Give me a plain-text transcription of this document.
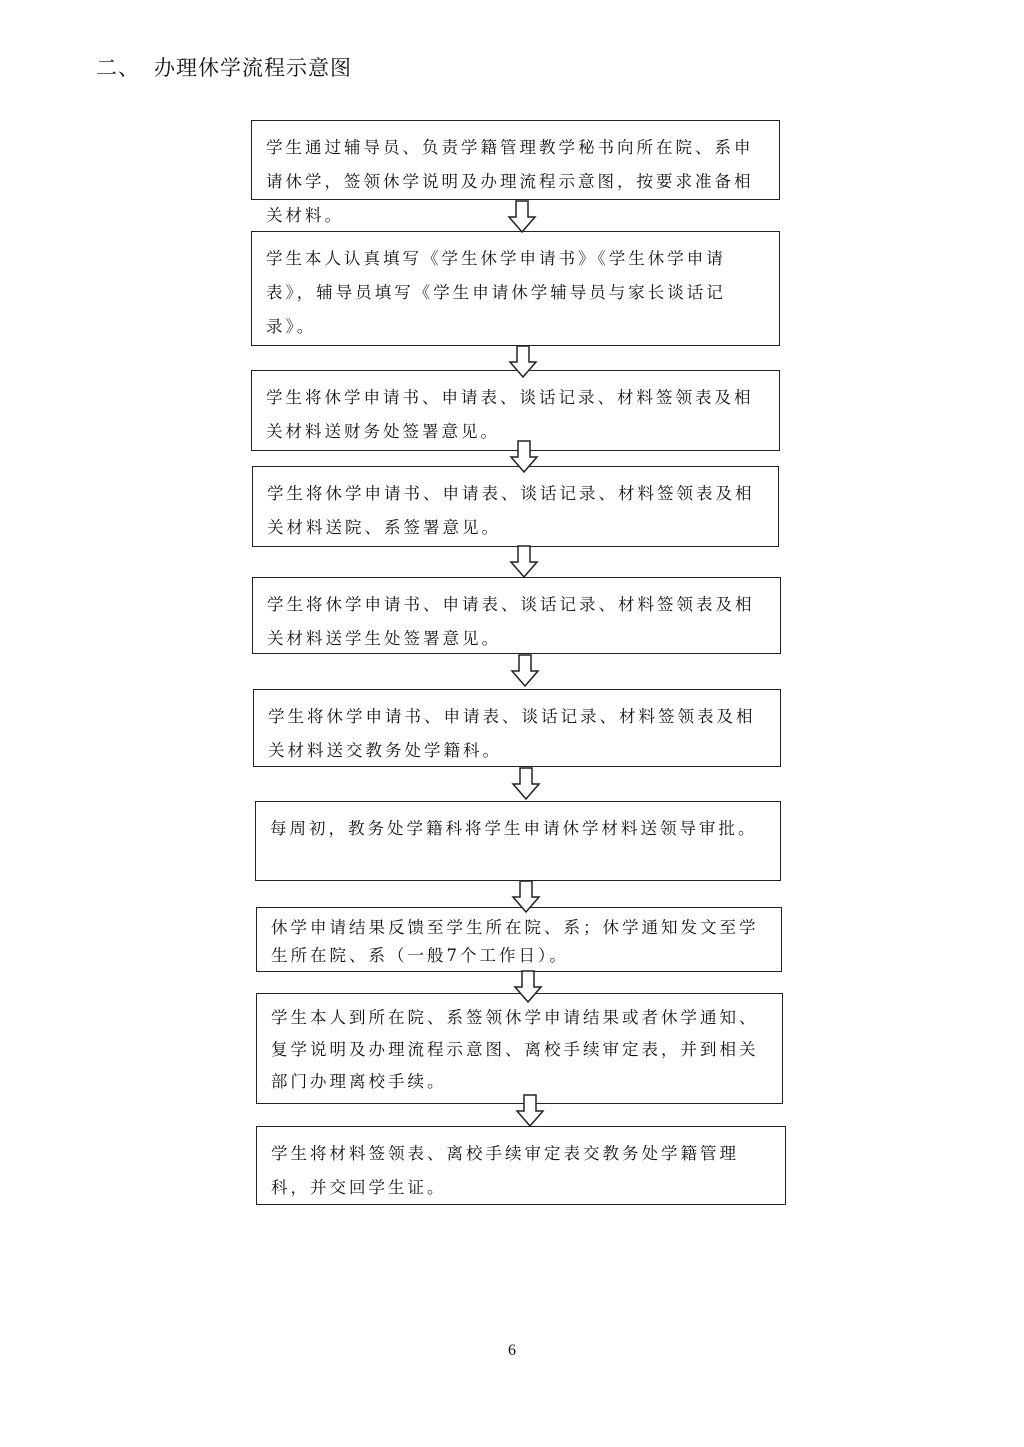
二、 办理休学流程示意图
学生通过辅导员、负责学籍管理教学秘书向所在院、系申请休学，签领休学说明及办理流程示意图，按要求准备相关材料。
学生本人认真填写《学生休学申请书》《学生休学申请表》，辅导员填写《学生申请休学辅导员与家长谈话记录》。
学生将休学申请书、申请表、谈话记录、材料签领表及相关材料送财务处签署意见。
学生将休学申请书、申请表、谈话记录、材料签领表及相关材料送院、系签署意见。
学生将休学申请书、申请表、谈话记录、材料签领表及相关材料送学生处签署意见。
学生将休学申请书、申请表、谈话记录、材料签领表及相关材料送交教务处学籍科。
每周初，教务处学籍科将学生申请休学材料送领导审批。
休学申请结果反馈至学生所在院、系；休学通知发文至学生所在院、系（一般7个工作日）。
学生本人到所在院、系签领休学申请结果或者休学通知、复学说明及办理流程示意图、离校手续审定表，并到相关部门办理离校手续。
学生将材料签领表、离校手续审定表交教务处学籍管理科，并交回学生证。
6
